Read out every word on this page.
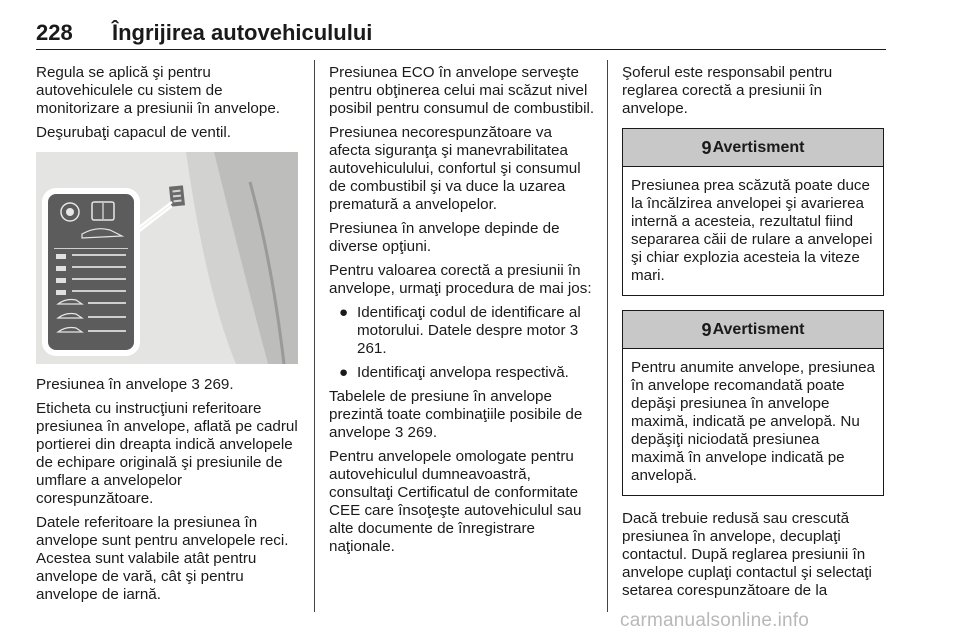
228 Îngrijirea autovehiculului

Regula se aplică şi pentru autovehiculele cu sistem de monitorizare a presiunii în anvelope.

Deşurubaţi capacul de ventil.

Presiunea în anvelope 3 269.

Eticheta cu instrucţiuni referitoare presiunea în anvelope, aflată pe cadrul portierei din dreapta indică anvelopele de echipare originală şi presiunile de umflare a anvelopelor corespunzătoare.

Datele referitoare la presiunea în anvelope sunt pentru anvelopele reci. Acestea sunt valabile atât pentru anvelope de vară, cât şi pentru anvelope de iarnă.

Presiunea ECO în anvelope serveşte pentru obţinerea celui mai scăzut nivel posibil pentru consumul de combustibil.

Presiunea necorespunzătoare va afecta siguranţa şi manevrabilitatea autovehiculului, confortul şi consumul de combustibil şi va duce la uzarea prematură a anvelopelor.

Presiunea în anvelope depinde de diverse opţiuni.

Pentru valoarea corectă a presiunii în anvelope, urmaţi procedura de mai jos:

● Identificaţi codul de identificare al motorului. Datele despre motor 3 261.
● Identificaţi anvelopa respectivă.

Tabelele de presiune în anvelope prezintă toate combinaţiile posibile de anvelope 3 269.

Pentru anvelopele omologate pentru autovehiculul dumneavoastră, consultaţi Certificatul de conformitate CEE care însoţeşte autovehiculul sau alte documente de înregistrare naţionale.

Şoferul este responsabil pentru reglarea corectă a presiunii în anvelope.

9 Avertisment
Presiunea prea scăzută poate duce la încălzirea anvelopei şi avarierea internă a acesteia, rezultatul fiind separarea căii de rulare a anvelopei şi chiar explozia acesteia la viteze mari.
9 Avertisment
Pentru anumite anvelope, presiunea în anvelope recomandată poate depăşi presiunea în anvelope maximă, indicată pe anvelopă. Nu depăşiţi niciodată presiunea maximă în anvelope indicată pe anvelopă.

Dacă trebuie redusă sau crescută presiunea în anvelope, decuplaţi contactul. După reglarea presiunii în anvelope cuplaţi contactul şi selectaţi setarea corespunzătoare de la

carmanualsonline.info
